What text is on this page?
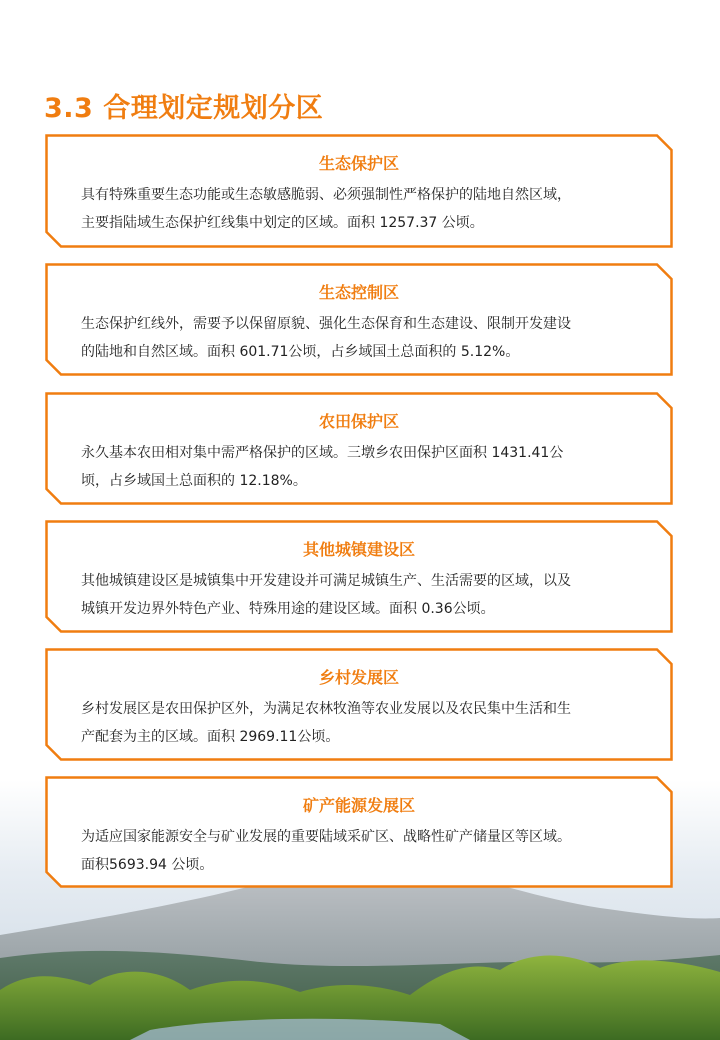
3.3 合理划定规划分区
生态保护区
具有特殊重要生态功能或生态敏感脆弱、必须强制性严格保护的陆地自然区域，
主要指陆域生态保护红线集中划定的区域。面积 1257.37 公顷。
生态控制区
生态保护红线外，需要予以保留原貌、强化生态保育和生态建设、限制开发建设
的陆地和自然区域。面积 601.71公顷，占乡域国土总面积的 5.12%。
农田保护区
永久基本农田相对集中需严格保护的区域。三墩乡农田保护区面积 1431.41公
顷，占乡域国土总面积的 12.18%。
其他城镇建设区
其他城镇建设区是城镇集中开发建设并可满足城镇生产、生活需要的区域，以及
城镇开发边界外特色产业、特殊用途的建设区域。面积 0.36公顷。
乡村发展区
乡村发展区是农田保护区外，为满足农林牧渔等农业发展以及农民集中生活和生
产配套为主的区域。面积 2969.11公顷。
矿产能源发展区
为适应国家能源安全与矿业发展的重要陆域采矿区、战略性矿产储量区等区域。
面积5693.94 公顷。
